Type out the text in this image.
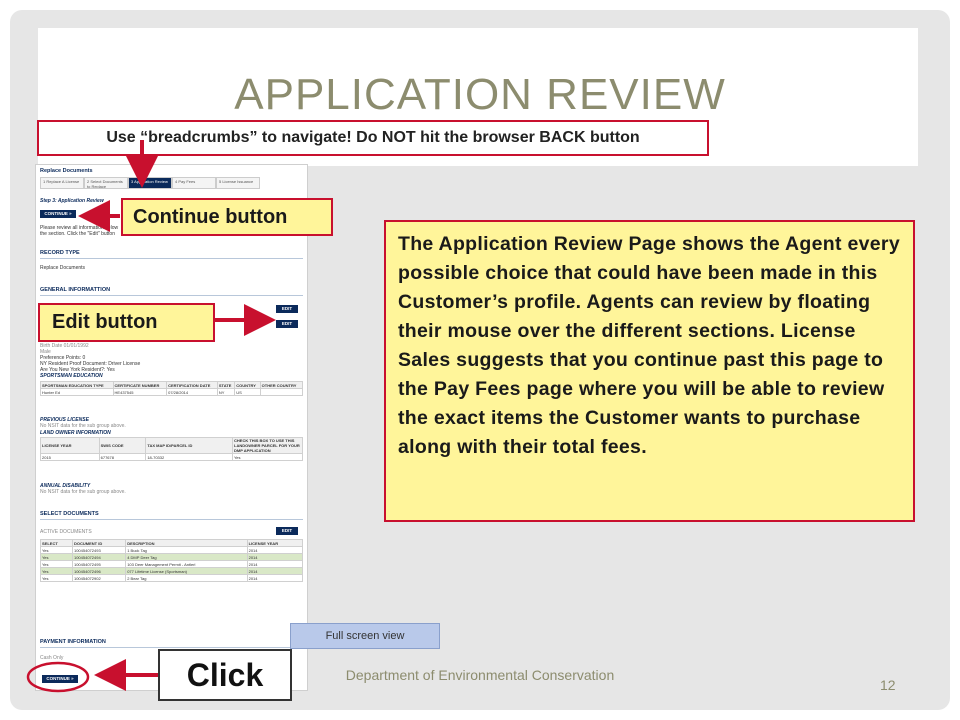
APPLICATION REVIEW
Replace Documents
1 Replace A License	2 Select Documents to Replace
3 Application Review	4 Pay Fees	5 License Issuance
Step 3: Application Review
CONTINUE »
Please review all information below
the section. Click the "Edit" button
RECORD TYPE
Replace Documents
GENERAL INFORMATTION
EDIT
EDIT
Birth Date 01/01/1992
Male
Preference Points: 0
NY Resident Proof Document: Driver License
Are You New York Resident?: Yes
SPORTSMAN EDUCATION
SPORTSMAN EDUCATION TYPE	CERTIFICATE NUMBER	CERTIFICATION DATE	STATE	COUNTRY	OTHER COUNTRY
Hunter Ed	HE437545	07/28/2014	NY	US	
PREVIOUS LICENSE
No NSIT data for the sub group above.
LAND OWNER INFORMATION
LICENSE YEAR	SWIS CODE	TAX MAP ID/PARCEL ID	CHECK THIS BOX TO USE THIS LANDOWNER PARCEL FOR YOUR DMP APPLICATION
2015	677678	18-70332	Yes
ANNUAL DISABILITY
No NSIT data for the sub group above.
SELECT DOCUMENTS
ACTIVE DOCUMENTS	EDIT
SELECT	DOCUMENT ID	DESCRIPTION	LICENSE YEAR
Yes	100454072493	1 Buck Tag	2014
Yes	100454072494	4 DMP Deer Tag	2014
Yes	100454072495	103 Deer Management Permit - Antlerl	2014
Yes	100454072496	077 Lifetime License (Sportsman)	2014
Yes	100454072902	2 Bear Tag	2014
PAYMENT INFORMATION
Cash Only
CONTINUE »
Use “breadcrumbs” to navigate! Do NOT hit the browser BACK button
Continue button
Edit button
The Application Review Page shows the Agent every possible choice that could have been made in this Customer’s profile. Agents can review by floating their mouse over the different sections. License Sales suggests that you continue past this page to the Pay Fees page where you will be able to review the exact items the Customer wants to purchase along with their total fees.
Full screen view
Click	Department of Environmental Conservation
12
